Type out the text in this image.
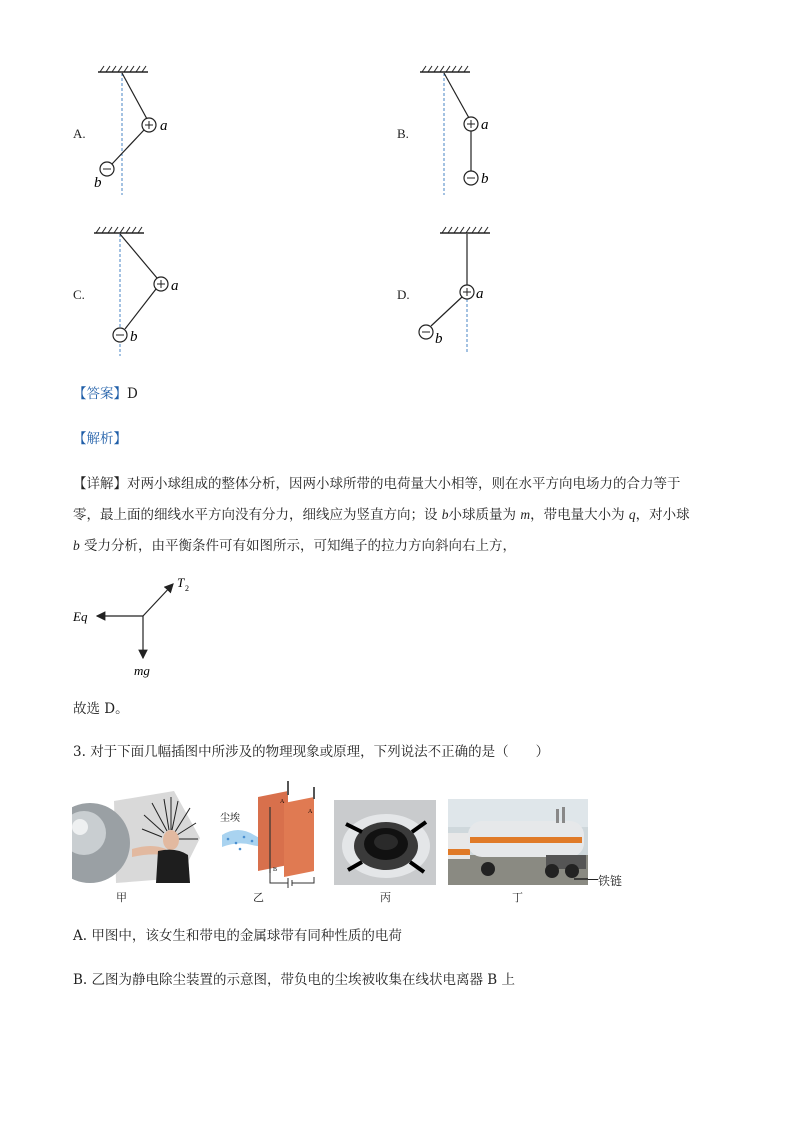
A.	a
b
B.
a
b
C.
a
b
D.	a
b
【答案】D
【解析】
【详解】对两小球组成的整体分析，因两小球所带的电荷量大小相等，则在水平方向电场力的合力等于
零，最上面的细线水平方向没有分力，细线应为竖直方向；设 b小球质量为 m，带电量大小为 q，对小球
b 受力分析，由平衡条件可有如图所示，可知绳子的拉力方向斜向右上方，
T 2
Eq
mg
故选 D。
3. 对于下面几幅插图中所涉及的物理现象或原理，下列说法不正确的是（　　）
甲
尘埃
A
A
B
乙	丙
铁链
丁
A. 甲图中，该女生和带电的金属球带有同种性质的电荷
B. 乙图为静电除尘装置的示意图，带负电的尘埃被收集在线状电离器 B 上
